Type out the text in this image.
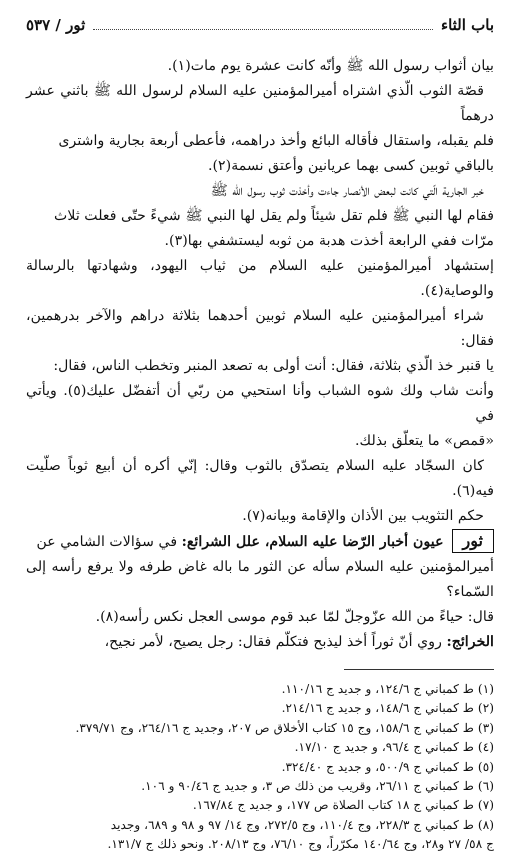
باب الثاء
ثور / ٥٣٧

بيان أثواب رسول الله ﷺ وأنّه كانت عشرة يوم مات(١).

قصّة الثوب الّذي اشتراه أميرالمؤمنين عليه السلام لرسول الله ﷺ باثني عشر درهماً

فلم يقبله، واستقال فأقاله البائع وأخذ دراهمه، فأعطى أربعة بجارية واشترى

بالباقي ثوبين كسى بهما عريانين وأعتق نسمة(٢).

خبر الجارية الّتي كانت لبعض الأنصار جاءت وأخذت ثوب رسول الله ﷺ

فقام لها النبي ﷺ فلم تقل شيئاً ولم يقل لها النبي ﷺ شيءً حتّى فعلت ثلاث

مرّات ففي الرابعة أخذت هدبة من ثوبه ليستشفي بها(٣).

إستشهاد أميرالمؤمنين عليه السلام من ثياب اليهود، وشهادتها بالرسالة والوصاية(٤).

شراء أميرالمؤمنين عليه السلام ثوبين أحدهما بثلاثة دراهم والآخر بدرهمين، فقال:

يا قنبر خذ الّذي بثلاثة، فقال: أنت أولى به تصعد المنبر وتخطب الناس، فقال:

وأنت شاب ولك شوه الشباب وأنا استحيي من ربّي أن أتفضّل عليك(٥). ويأتي في

«قمص» ما يتعلّق بذلك.

كان السجّاد عليه السلام يتصدّق بالثوب وقال: إنّي أكره أن أبيع ثوباً صلّيت فيه(٦).

حكم التثويب بين الأذان والإقامة وبيانه(٧).

ثورعيون أخبار الرّضا عليه السلام، علل الشرائع: في سؤالات الشامي عن

أميرالمؤمنين عليه السلام سأله عن الثور ما باله غاض طرفه ولا يرفع رأسه إلى السّماء؟

قال: حياءً من الله عزّوجلّ لمّا عبد قوم موسى العجل نكس رأسه(٨).

الخرائج: روي أنّ ثوراً أخذ ليذبح فتكلّم فقال: رجل يصيح، لأمر نجيح،

(١) ط كمباني ج ١٢٤/٦، و جديد ج ١١٠/١٦.

(٢) ط كمباني ج ١٤٨/٦، و جديد ج ٢١٤/١٦.

(٣) ط كمباني ج ١٥٨/٦، وج ١٥ كتاب الأخلاق ص ٢٠٧، وجديد ج ٢٦٤/١٦، وج ٣٧٩/٧١.

(٤) ط كمباني ج ٩٦/٤، و جديد ج ١٧/١٠.

(٥) ط كمباني ج ٥٠٠/٩، و جديد ج ٣٢٤/٤٠.

(٦) ط كمباني ج ٢٦/١١، وقريب من ذلك ص ٣، و جديد ج ٩٠/٤٦ و ١٠٦.

(٧) ط كمباني ج ١٨ كتاب الصلاة ص ١٧٧، و جديد ج ١٦٧/٨٤.

(٨) ط كمباني ج ٢٢٨/٣، وج ١١٠/٤، وج ٢٧٢/٥، وج ١٤/ ٩٧ و ٩٨ و ٦٨٩، وجديد

ج ٥٨/ ٢٧ و٢٨، وج ١٤٠/٦٤ مكرّراً، وج ٧٦/١٠، وج ٢٠٨/١٣. ونحو ذلك ج ١٣١/٧.
